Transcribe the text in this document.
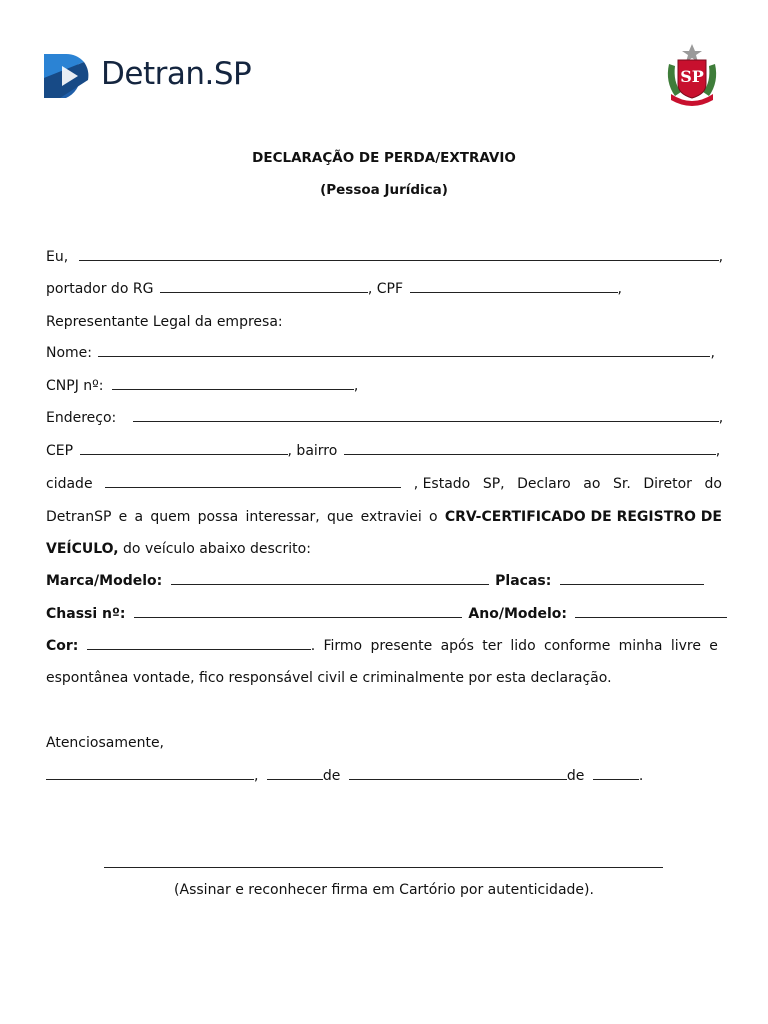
Detran.SP	SP
DECLARAÇÃO DE PERDA/EXTRAVIO
(Pessoa Jurídica)
Eu,	,
portador do RG	, CPF	,
Representante Legal da empresa:
Nome:	,
CNPJ nº:	,
Endereço:	,
CEP	, bairro	,
cidade	, Estado SP, Declaro ao Sr. Diretor do
DetranSP e a quem possa interessar, que extraviei o CRV-CERTIFICADO DE REGISTRO DE
VEÍCULO, do veículo abaixo descrito:
Marca/Modelo:	Placas:
Chassi nº:	Ano/Modelo:
Cor:	. Firmo presente após ter lido conforme minha livre e
espontânea vontade, fico responsável civil e criminalmente por esta declaração.
Atenciosamente,
,	de	de	.
(Assinar e reconhecer firma em Cartório por autenticidade).
